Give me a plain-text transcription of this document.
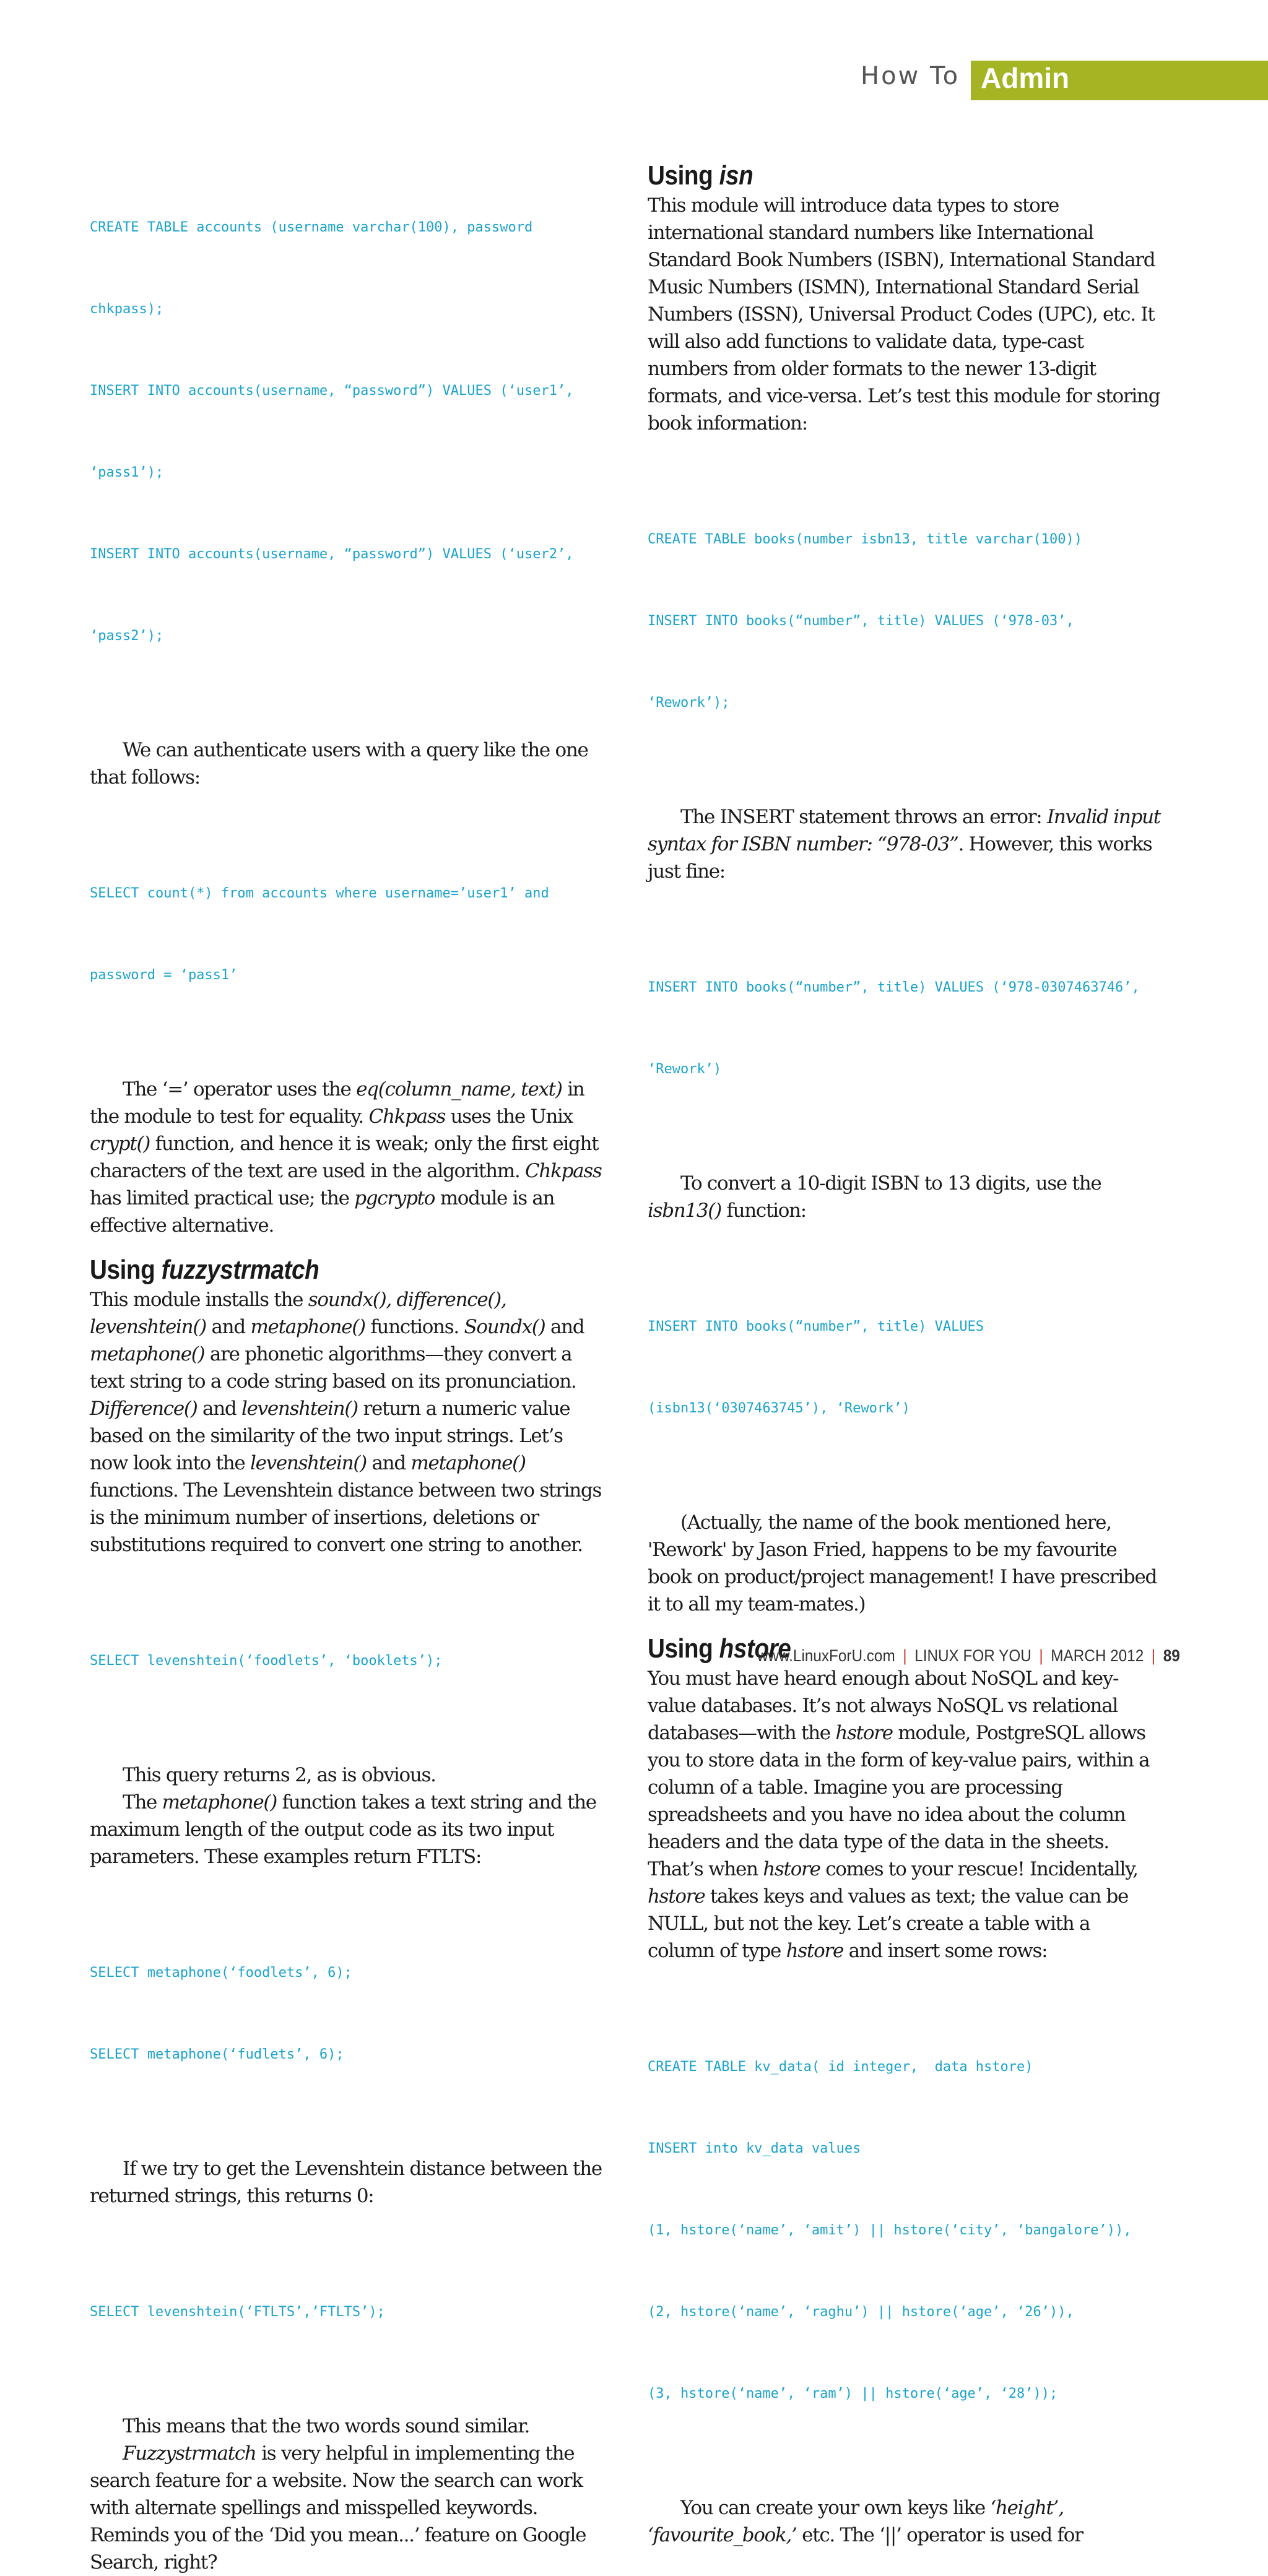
How To Admin

CREATE TABLE accounts (username varchar(100), password

chkpass);

INSERT INTO accounts(username, “password”) VALUES (‘user1’,

‘pass1’);

INSERT INTO accounts(username, “password”) VALUES (‘user2’,

‘pass2’);

We can authenticate users with a query like the one that follows:

SELECT count(*) from accounts where username=’user1’ and

password = ‘pass1’

The ‘=’ operator uses the eq(column_name, text) in the module to test for equality. Chkpass uses the Unix crypt() function, and hence it is weak; only the first eight characters of the text are used in the algorithm. Chkpass has limited practical use; the pgcrypto module is an effective alternative.

Using fuzzystrmatch

This module installs the soundx(), difference(), levenshtein() and metaphone() functions. Soundx() and metaphone() are phonetic algorithms—they convert a text string to a code string based on its pronunciation. Difference() and levenshtein() return a numeric value based on the similarity of the two input strings. Let’s now look into the levenshtein() and metaphone() functions. The Levenshtein distance between two strings is the minimum number of insertions, deletions or substitutions required to convert one string to another.

SELECT levenshtein(‘foodlets’, ‘booklets’);

This query returns 2, as is obvious.

The metaphone() function takes a text string and the maximum length of the output code as its two input parameters. These examples return FTLTS:

SELECT metaphone(‘foodlets’, 6);

SELECT metaphone(‘fudlets’, 6);

If we try to get the Levenshtein distance between the returned strings, this returns 0:

SELECT levenshtein(‘FTLTS’,’FTLTS’);

This means that the two words sound similar.

Fuzzystrmatch is very helpful in implementing the search feature for a website. Now the search can work with alternate spellings and misspelled keywords. Reminds you of the ‘Did you mean...’ feature on Google Search, right?

Using isn

This module will introduce data types to store international standard numbers like International Standard Book Numbers (ISBN), International Standard Music Numbers (ISMN), International Standard Serial Numbers (ISSN), Universal Product Codes (UPC), etc. It will also add functions to validate data, type-cast numbers from older formats to the newer 13-digit formats, and vice-versa. Let’s test this module for storing book information:

CREATE TABLE books(number isbn13, title varchar(100))

INSERT INTO books(“number”, title) VALUES (‘978-03’,

‘Rework’);

The INSERT statement throws an error: Invalid input syntax for ISBN number: “978-03”. However, this works just fine:

INSERT INTO books(“number”, title) VALUES (‘978-0307463746’,

‘Rework’)

To convert a 10-digit ISBN to 13 digits, use the isbn13() function:

INSERT INTO books(“number”, title) VALUES

(isbn13(‘0307463745’), ‘Rework’)

(Actually, the name of the book mentioned here, 'Rework' by Jason Fried, happens to be my favourite book on product/project management! I have prescribed it to all my team-mates.)

Using hstore

You must have heard enough about NoSQL and key-value databases. It’s not always NoSQL vs relational databases—with the hstore module, PostgreSQL allows you to store data in the form of key-value pairs, within a column of a table. Imagine you are processing spreadsheets and you have no idea about the column headers and the data type of the data in the sheets. That’s when hstore comes to your rescue! Incidentally, hstore takes keys and values as text; the value can be NULL, but not the key. Let’s create a table with a column of type hstore and insert some rows:

CREATE TABLE kv_data( id integer,  data hstore)

INSERT into kv_data values

(1, hstore(‘name’, ‘amit’) || hstore(‘city’, ‘bangalore’)),

(2, hstore(‘name’, ‘raghu’) || hstore(‘age’, ‘26’)),

(3, hstore(‘name’, ‘ram’) || hstore(‘age’, ‘28’));

You can create your own keys like ‘height’, ‘favourite_book,’ etc. The ‘||’ operator is used for

www.LinuxForU.com | LINUX FOR YOU | MARCH 2012 | 89
